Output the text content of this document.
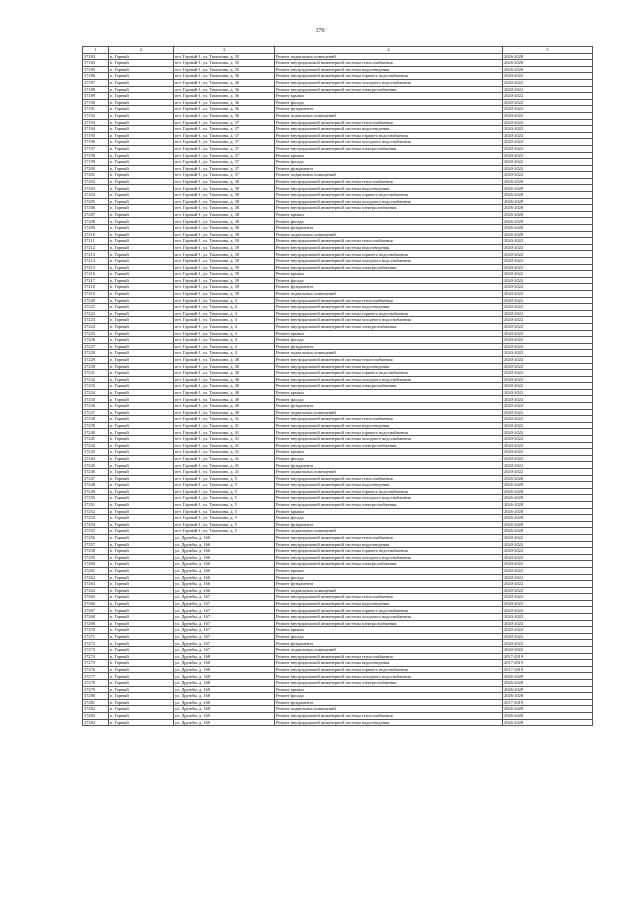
370
1	2	3	4	5
37183	п. Горный	пгт. Горный-1, ул. Тимохина, д. 35	Ремонт подвальных помещений	2026-2028
37184	п. Горный	пгт. Горный-1, ул. Тимохина, д. 35	Ремонт внутридомовой инженерной системы теплоснабжения	2026-2028
37185	п. Горный	пгт. Горный-1, ул. Тимохина, д. 35	Ремонт внутридомовой инженерной системы водоотведения	2026-2028
37186	п. Горный	пгт. Горный-1, ул. Тимохина, д. 36	Ремонт внутридомовой инженерной системы горячего водоснабжения	2020-2022
37187	п. Горный	пгт. Горный-1, ул. Тимохина, д. 36	Ремонт внутридомовой инженерной системы холодного водоснабжения	2020-2022
37188	п. Горный	пгт. Горный-1, ул. Тимохина, д. 36	Ремонт внутридомовой инженерной системы электроснабжения	2020-2022
37189	п. Горный	пгт. Горный-1, ул. Тимохина, д. 36	Ремонт крыши	2020-2022
37190	п. Горный	пгт. Горный-1, ул. Тимохина, д. 36	Ремонт фасада	2020-2022
37191	п. Горный	пгт. Горный-1, ул. Тимохина, д. 36	Ремонт фундамента	2020-2022
37192	п. Горный	пгт. Горный-1, ул. Тимохина, д. 36	Ремонт подвальных помещений	2020-2022
37193	п. Горный	пгт. Горный-1, ул. Тимохина, д. 37	Ремонт внутридомовой инженерной системы теплоснабжения	2020-2022
37194	п. Горный	пгт. Горный-1, ул. Тимохина, д. 37	Ремонт внутридомовой инженерной системы водоотведения	2020-2022
37195	п. Горный	пгт. Горный-1, ул. Тимохина, д. 37	Ремонт внутридомовой инженерной системы горячего водоснабжения	2020-2022
37196	п. Горный	пгт. Горный-1, ул. Тимохина, д. 37	Ремонт внутридомовой инженерной системы холодного водоснабжения	2020-2022
37197	п. Горный	пгт. Горный-1, ул. Тимохина, д. 37	Ремонт внутридомовой инженерной системы электроснабжения	2020-2022
37198	п. Горный	пгт. Горный-1, ул. Тимохина, д. 37	Ремонт крыши	2020-2022
37199	п. Горный	пгт. Горный-1, ул. Тимохина, д. 37	Ремонт фасада	2020-2022
37200	п. Горный	пгт. Горный-1, ул. Тимохина, д. 37	Ремонт фундамента	2020-2022
37201	п. Горный	пгт. Горный-1, ул. Тимохина, д. 37	Ремонт подвальных помещений	2020-2022
37202	п. Горный	пгт. Горный-1, ул. Тимохина, д. 38	Ремонт внутридомовой инженерной системы теплоснабжения	2026-2028
37203	п. Горный	пгт. Горный-1, ул. Тимохина, д. 38	Ремонт внутридомовой инженерной системы водоотведения	2026-2028
37204	п. Горный	пгт. Горный-1, ул. Тимохина, д. 38	Ремонт внутридомовой инженерной системы горячего водоснабжения	2026-2028
37205	п. Горный	пгт. Горный-1, ул. Тимохина, д. 38	Ремонт внутридомовой инженерной системы холодного водоснабжения	2026-2028
37206	п. Горный	пгт. Горный-1, ул. Тимохина, д. 38	Ремонт внутридомовой инженерной системы электроснабжения	2026-2028
37207	п. Горный	пгт. Горный-1, ул. Тимохина, д. 38	Ремонт крыши	2026-2028
37208	п. Горный	пгт. Горный-1, ул. Тимохина, д. 38	Ремонт фасада	2026-2028
37209	п. Горный	пгт. Горный-1, ул. Тимохина, д. 38	Ремонт фундамента	2026-2028
37210	п. Горный	пгт. Горный-1, ул. Тимохина, д. 38	Ремонт подвальных помещений	2026-2028
37211	п. Горный	пгт. Горный-1, ул. Тимохина, д. 39	Ремонт внутридомовой инженерной системы теплоснабжения	2020-2022
37212	п. Горный	пгт. Горный-1, ул. Тимохина, д. 39	Ремонт внутридомовой инженерной системы водоотведения	2020-2022
37213	п. Горный	пгт. Горный-1, ул. Тимохина, д. 39	Ремонт внутридомовой инженерной системы горячего водоснабжения	2020-2022
37214	п. Горный	пгт. Горный-1, ул. Тимохина, д. 39	Ремонт внутридомовой инженерной системы холодного водоснабжения	2020-2022
37215	п. Горный	пгт. Горный-1, ул. Тимохина, д. 39	Ремонт внутридомовой инженерной системы электроснабжения	2020-2022
37216	п. Горный	пгт. Горный-1, ул. Тимохина, д. 39	Ремонт крыши	2020-2022
37217	п. Горный	пгт. Горный-1, ул. Тимохина, д. 39	Ремонт фасада	2020-2022
37218	п. Горный	пгт. Горный-1, ул. Тимохина, д. 39	Ремонт фундамента	2020-2022
37219	п. Горный	пгт. Горный-1, ул. Тимохина, д. 39	Ремонт подвальных помещений	2020-2022
37220	п. Горный	пгт. Горный-1, ул. Тимохина, д. 4	Ремонт внутридомовой инженерной системы теплоснабжения	2020-2022
37221	п. Горный	пгт. Горный-1, ул. Тимохина, д. 4	Ремонт внутридомовой инженерной системы водоотведения	2020-2022
37222	п. Горный	пгт. Горный-1, ул. Тимохина, д. 4	Ремонт внутридомовой инженерной системы горячего водоснабжения	2020-2022
37223	п. Горный	пгт. Горный-1, ул. Тимохина, д. 4	Ремонт внутридомовой инженерной системы холодного водоснабжения	2020-2022
37224	п. Горный	пгт. Горный-1, ул. Тимохина, д. 4	Ремонт внутридомовой инженерной системы электроснабжения	2020-2022
37225	п. Горный	пгт. Горный-1, ул. Тимохина, д. 4	Ремонт крыши	2020-2022
37226	п. Горный	пгт. Горный-1, ул. Тимохина, д. 4	Ремонт фасада	2020-2022
37227	п. Горный	пгт. Горный-1, ул. Тимохина, д. 4	Ремонт фундамента	2020-2022
37228	п. Горный	пгт. Горный-1, ул. Тимохина, д. 4	Ремонт подвальных помещений	2020-2022
37229	п. Горный	пгт. Горный-1, ул. Тимохина, д. 40	Ремонт внутридомовой инженерной системы теплоснабжения	2020-2022
37230	п. Горный	пгт. Горный-1, ул. Тимохина, д. 40	Ремонт внутридомовой инженерной системы водоотведения	2020-2022
37231	п. Горный	пгт. Горный-1, ул. Тимохина, д. 40	Ремонт внутридомовой инженерной системы горячего водоснабжения	2020-2022
37232	п. Горный	пгт. Горный-1, ул. Тимохина, д. 40	Ремонт внутридомовой инженерной системы холодного водоснабжения	2020-2022
37233	п. Горный	пгт. Горный-1, ул. Тимохина, д. 40	Ремонт внутридомовой инженерной системы электроснабжения	2020-2022
37234	п. Горный	пгт. Горный-1, ул. Тимохина, д. 40	Ремонт крыши	2020-2022
37235	п. Горный	пгт. Горный-1, ул. Тимохина, д. 40	Ремонт фасада	2020-2022
37236	п. Горный	пгт. Горный-1, ул. Тимохина, д. 40	Ремонт фундамента	2020-2022
37237	п. Горный	пгт. Горный-1, ул. Тимохина, д. 40	Ремонт подвальных помещений	2020-2022
37238	п. Горный	пгт. Горный-1, ул. Тимохина, д. 41	Ремонт внутридомовой инженерной системы теплоснабжения	2020-2022
37239	п. Горный	пгт. Горный-1, ул. Тимохина, д. 41	Ремонт внутридомовой инженерной системы водоотведения	2020-2022
37240	п. Горный	пгт. Горный-1, ул. Тимохина, д. 41	Ремонт внутридомовой инженерной системы горячего водоснабжения	2020-2022
37241	п. Горный	пгт. Горный-1, ул. Тимохина, д. 41	Ремонт внутридомовой инженерной системы холодного водоснабжения	2020-2022
37242	п. Горный	пгт. Горный-1, ул. Тимохина, д. 41	Ремонт внутридомовой инженерной системы электроснабжения	2020-2022
37243	п. Горный	пгт. Горный-1, ул. Тимохина, д. 41	Ремонт крыши	2020-2022
37244	п. Горный	пгт. Горный-1, ул. Тимохина, д. 41	Ремонт фасада	2020-2022
37245	п. Горный	пгт. Горный-1, ул. Тимохина, д. 41	Ремонт фундамента	2020-2022
37246	п. Горный	пгт. Горный-1, ул. Тимохина, д. 41	Ремонт подвальных помещений	2020-2022
37247	п. Горный	пгт. Горный-1, ул. Тимохина, д. 5	Ремонт внутридомовой инженерной системы теплоснабжения	2026-2028
37248	п. Горный	пгт. Горный-1, ул. Тимохина, д. 5	Ремонт внутридомовой инженерной системы водоотведения	2026-2028
37249	п. Горный	пгт. Горный-1, ул. Тимохина, д. 5	Ремонт внутридомовой инженерной системы горячего водоснабжения	2026-2028
37250	п. Горный	пгт. Горный-1, ул. Тимохина, д. 5	Ремонт внутридомовой инженерной системы холодного водоснабжения	2026-2028
37251	п. Горный	пгт. Горный-1, ул. Тимохина, д. 5	Ремонт внутридомовой инженерной системы электроснабжения	2026-2028
37252	п. Горный	пгт. Горный-1, ул. Тимохина, д. 5	Ремонт крыши	2026-2028
37253	п. Горный	пгт. Горный-1, ул. Тимохина, д. 5	Ремонт фасада	2026-2028
37254	п. Горный	пгт. Горный-1, ул. Тимохина, д. 5	Ремонт фундамента	2026-2028
37255	п. Горный	пгт. Горный-1, ул. Тимохина, д. 5	Ремонт подвальных помещений	2026-2028
37256	п. Горный	ул. Дружбы, д. 166	Ремонт внутридомовой инженерной системы теплоснабжения	2020-2022
37257	п. Горный	ул. Дружбы, д. 166	Ремонт внутридомовой инженерной системы водоотведения	2020-2022
37258	п. Горный	ул. Дружбы, д. 166	Ремонт внутридомовой инженерной системы горячего водоснабжения	2020-2022
37259	п. Горный	ул. Дружбы, д. 166	Ремонт внутридомовой инженерной системы холодного водоснабжения	2020-2022
37260	п. Горный	ул. Дружбы, д. 166	Ремонт внутридомовой инженерной системы электроснабжения	2020-2022
37261	п. Горный	ул. Дружбы, д. 166	Ремонт крыши	2020-2022
37262	п. Горный	ул. Дружбы, д. 166	Ремонт фасада	2020-2022
37263	п. Горный	ул. Дружбы, д. 166	Ремонт фундамента	2020-2022
37264	п. Горный	ул. Дружбы, д. 166	Ремонт подвальных помещений	2020-2022
37265	п. Горный	ул. Дружбы, д. 167	Ремонт внутридомовой инженерной системы теплоснабжения	2020-2022
37266	п. Горный	ул. Дружбы, д. 167	Ремонт внутридомовой инженерной системы водоотведения	2020-2022
37267	п. Горный	ул. Дружбы, д. 167	Ремонт внутридомовой инженерной системы горячего водоснабжения	2020-2022
37268	п. Горный	ул. Дружбы, д. 167	Ремонт внутридомовой инженерной системы холодного водоснабжения	2020-2022
37269	п. Горный	ул. Дружбы, д. 167	Ремонт внутридомовой инженерной системы электроснабжения	2020-2022
37270	п. Горный	ул. Дружбы, д. 167	Ремонт крыши	2020-2022
37271	п. Горный	ул. Дружбы, д. 167	Ремонт фасада	2020-2022
37272	п. Горный	ул. Дружбы, д. 167	Ремонт фундамента	2020-2022
37273	п. Горный	ул. Дружбы, д. 167	Ремонт подвальных помещений	2020-2022
37274	п. Горный	ул. Дружбы, д. 168	Ремонт внутридомовой инженерной системы теплоснабжения	2017-2019
37275	п. Горный	ул. Дружбы, д. 168	Ремонт внутридомовой инженерной системы водоотведения	2017-2019
37276	п. Горный	ул. Дружбы, д. 168	Ремонт внутридомовой инженерной системы горячего водоснабжения	2017-2019
37277	п. Горный	ул. Дружбы, д. 168	Ремонт внутридомовой инженерной системы холодного водоснабжения	2026-2028
37278	п. Горный	ул. Дружбы, д. 168	Ремонт внутридомовой инженерной системы электроснабжения	2026-2028
37279	п. Горный	ул. Дружбы, д. 168	Ремонт крыши	2026-2028
37280	п. Горный	ул. Дружбы, д. 168	Ремонт фасада	2026-2028
37281	п. Горный	ул. Дружбы, д. 168	Ремонт фундамента	2017-2019
37282	п. Горный	ул. Дружбы, д. 168	Ремонт подвальных помещений	2026-2028
37283	п. Горный	ул. Дружбы, д. 169	Ремонт внутридомовой инженерной системы теплоснабжения	2026-2028
37284	п. Горный	ул. Дружбы, д. 169	Ремонт внутридомовой инженерной системы водоотведения	2026-2028
